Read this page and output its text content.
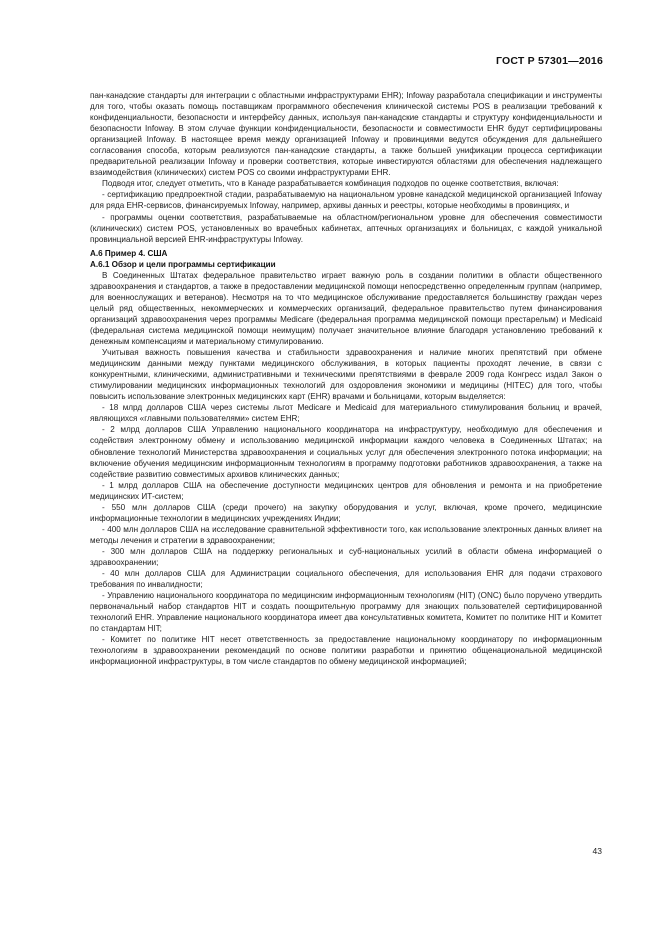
ГОСТ Р 57301—2016

пан-канадские стандарты для интеграции с областными инфраструктурами EHR); Infoway разработала спецификации и инструменты для того, чтобы оказать помощь поставщикам программного обеспечения клинической системы POS в реализации требований к конфиденциальности, безопасности и интерфейсу данных, используя пан-канадские стандарты и структуру конфиденциальности и безопасности Infoway. В этом случае функции конфиденциальности, безопасности и совместимости EHR будут сертифицированы организацией Infoway. В настоящее время между организацией Infoway и провинциями ведутся обсуждения для дальнейшего согласования способа, которым реализуются пан-канадские стандарты, а также большей унификации процесса сертификации предварительной реализации Infoway и проверки соответствия, которые инвестируются областями для обеспечения надлежащего взаимодействия (клинических) систем POS со своими инфраструктурами EHR.

Подводя итог, следует отметить, что в Канаде разрабатывается комбинация подходов по оценке соответствия, включая:

- сертификацию предпроектной стадии, разрабатываемую на национальном уровне канадской медицинской организацией Infoway для ряда EHR-сервисов, финансируемых Infoway, например, архивы данных и реестры, которые необходимы в провинциях, и

- программы оценки соответствия, разрабатываемые на областном/региональном уровне для обеспечения совместимости (клинических) систем POS, установленных во врачебных кабинетах, аптечных организациях и больницах, с каждой уникальной провинциальной версией EHR-инфраструктуры Infoway.

А.6 Пример 4. США

А.6.1 Обзор и цели программы сертификации

В Соединенных Штатах федеральное правительство играет важную роль в создании политики в области общественного здравоохранения и стандартов, а также в предоставлении медицинской помощи непосредственно определенным группам (например, для военнослужащих и ветеранов). Несмотря на то что медицинское обслуживание предоставляется большинству граждан через целый ряд общественных, некоммерческих и коммерческих организаций, федеральное правительство путем финансирования организаций здравоохранения через программы Medicare (федеральная программа медицинской помощи престарелым) и Medicaid (федеральная система медицинской помощи неимущим) получает значительное влияние благодаря установлению требований к денежным компенсациям и материальному стимулированию.

Учитывая важность повышения качества и стабильности здравоохранения и наличие многих препятствий при обмене медицинским данными между пунктами медицинского обслуживания, в которых пациенты проходят лечение, в связи с конкурентными, клиническими, административными и техническими препятствиями в феврале 2009 года Конгресс издал Закон о стимулировании медицинских информационных технологий для оздоровления экономики и медицины (HITEC) для того, чтобы повысить использование электронных медицинских карт (EHR) врачами и больницами, которым выделяется:

- 18 млрд долларов США через системы льгот Medicare и Medicaid для материального стимулирования больниц и врачей, являющихся «главными пользователями» систем EHR;

- 2 млрд долларов США Управлению национального координатора на инфраструктуру, необходимую для обеспечения и содействия электронному обмену и использованию медицинской информации каждого человека в Соединенных Штатах; на обновление технологий Министерства здравоохранения и социальных услуг для обеспечения электронного потока информации; на включение обучения медицинским информационным технологиям в программу подготовки работников здравоохранения, а также на содействие развитию совместимых архивов клинических данных;

- 1 млрд долларов США на обеспечение доступности медицинских центров для обновления и ремонта и на приобретение медицинских ИТ-систем;

- 550 млн долларов США (среди прочего) на закупку оборудования и услуг, включая, кроме прочего, медицинские информационные технологии в медицинских учреждениях Индии;

- 400 млн долларов США на исследование сравнительной эффективности того, как использование электронных данных влияет на методы лечения и стратегии в здравоохранении;

- 300 млн долларов США на поддержку региональных и суб-национальных усилий в области обмена информацией о здравоохранении;

- 40 млн долларов США для Администрации социального обеспечения, для использования EHR для подачи страхового требования по инвалидности;

- Управлению национального координатора по медицинским информационным технологиям (HIT) (ONC) было поручено утвердить первоначальный набор стандартов HIT и создать поощрительную программу для знающих пользователей сертифицированной технологий EHR. Управление национального координатора имеет два консультативных комитета, Комитет по политике HIT и Комитет по стандартам HIT;

- Комитет по политике HIT несет ответственность за предоставление национальному координатору по информационным технологиям в здравоохранении рекомендаций по основе политики разработки и принятию общенациональной медицинской информационной инфраструктуры, в том числе стандартов по обмену медицинской информацией;

43
